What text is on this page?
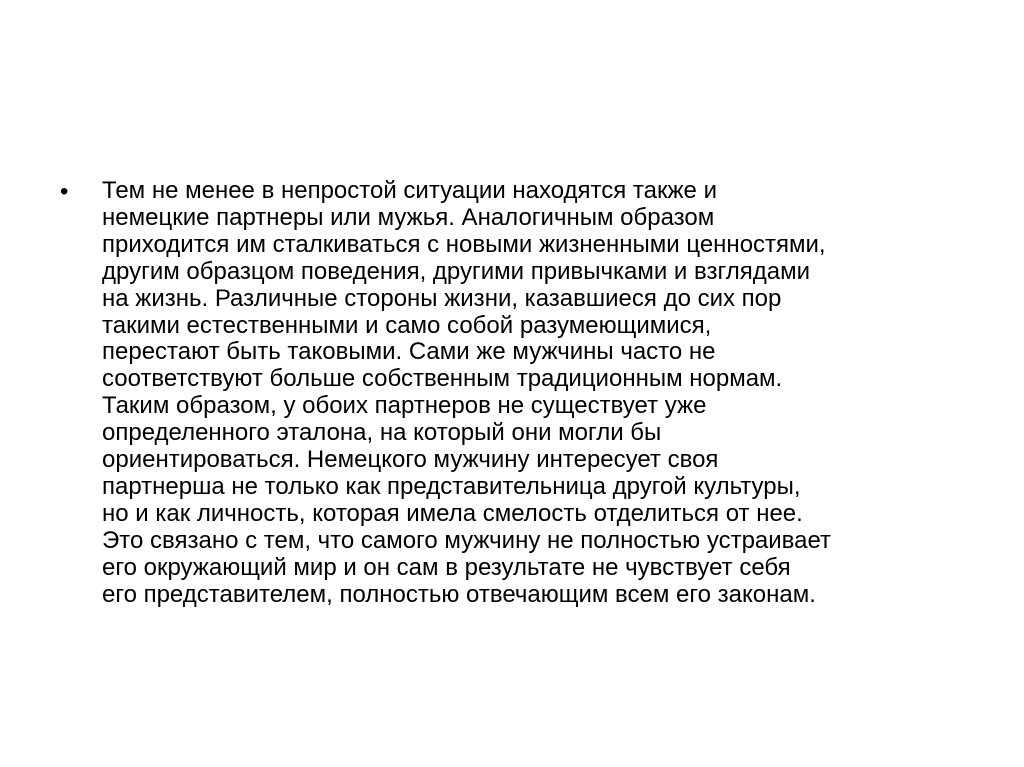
•	Тем не менее в непростой ситуации находятся также и
немецкие партнеры или мужья. Аналогичным образом
приходится им сталкиваться с новыми жизненными ценностями,
другим образцом поведения, другими привычками и взглядами
на жизнь. Различные стороны жизни, казавшиеся до сих пор
такими естественными и само собой разумеющимися,
перестают быть таковыми. Сами же мужчины часто не
соответствуют больше собственным традиционным нормам.
Таким образом, у обоих партнеров не существует уже
определенного эталона, на который они могли бы
ориентироваться. Немецкого мужчину интересует своя
партнерша не только как представительница другой культуры,
но и как личность, которая имела смелость отделиться от нее.
Это связано с тем, что самого мужчину не полностью устраивает
его окружающий мир и он сам в результате не чувствует себя
его представителем, полностью отвечающим всем его законам.
